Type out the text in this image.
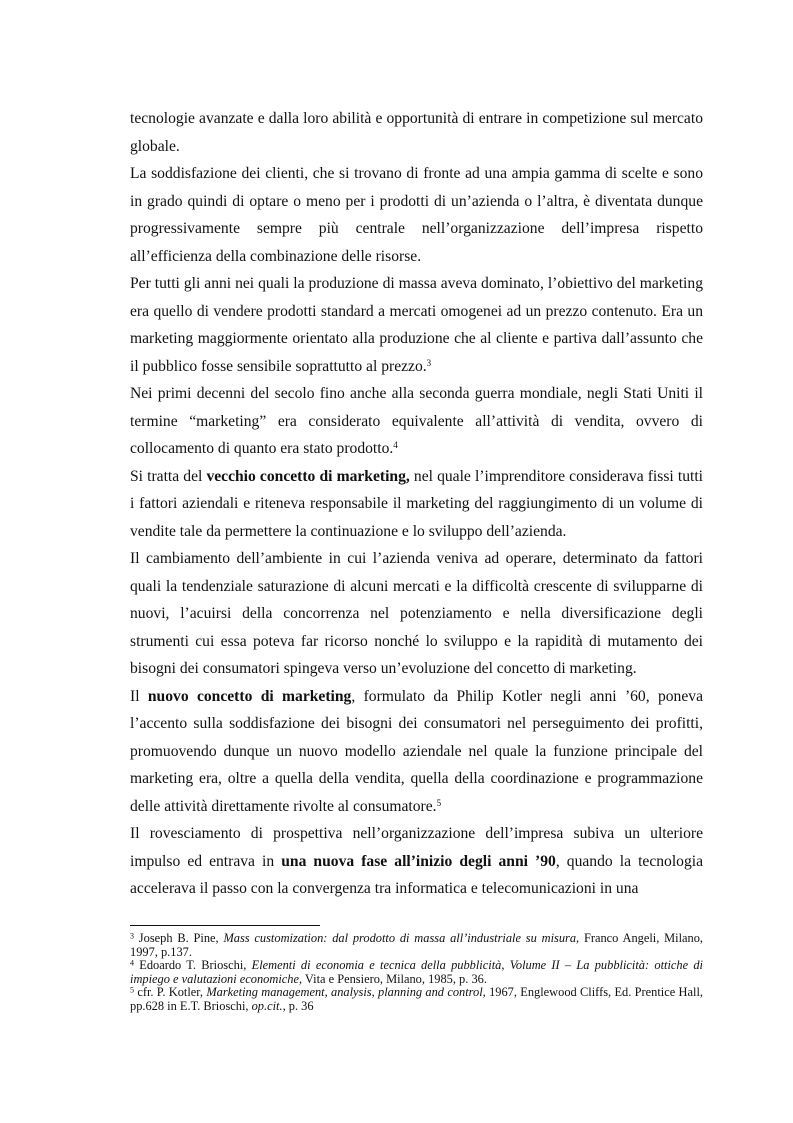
tecnologie avanzate e dalla loro abilità e opportunità di entrare in competizione sul mercato globale.

La soddisfazione dei clienti, che si trovano di fronte ad una ampia gamma di scelte e sono in grado quindi di optare o meno per i prodotti di un’azienda o l’altra, è diventata dunque progressivamente sempre più centrale nell’organizzazione dell’impresa rispetto all’efficienza della combinazione delle risorse.

Per tutti gli anni nei quali la produzione di massa aveva dominato, l’obiettivo del marketing era quello di vendere prodotti standard a mercati omogenei ad un prezzo contenuto. Era un marketing maggiormente orientato alla produzione che al cliente e partiva dall’assunto che il pubblico fosse sensibile soprattutto al prezzo.$^3$

Nei primi decenni del secolo fino anche alla seconda guerra mondiale, negli Stati Uniti il termine “marketing” era considerato equivalente all’attività di vendita, ovvero di collocamento di quanto era stato prodotto.$^4$

Si tratta del vecchio concetto di marketing, nel quale l’imprenditore considerava fissi tutti i fattori aziendali e riteneva responsabile il marketing del raggiungimento di un volume di vendite tale da permettere la continuazione e lo sviluppo dell’azienda.

Il cambiamento dell’ambiente in cui l’azienda veniva ad operare, determinato da fattori quali la tendenziale saturazione di alcuni mercati e la difficoltà crescente di svilupparne di nuovi, l’acuirsi della concorrenza nel potenziamento e nella diversificazione degli strumenti cui essa poteva far ricorso nonché lo sviluppo e la rapidità di mutamento dei bisogni dei consumatori spingeva verso un’evoluzione del concetto di marketing.

Il nuovo concetto di marketing, formulato da Philip Kotler negli anni ’60, poneva l’accento sulla soddisfazione dei bisogni dei consumatori nel perseguimento dei profitti, promuovendo dunque un nuovo modello aziendale nel quale la funzione principale del marketing era, oltre a quella della vendita, quella della coordinazione e programmazione delle attività direttamente rivolte al consumatore.$^5$

Il rovesciamento di prospettiva nell’organizzazione dell’impresa subiva un ulteriore impulso ed entrava in una nuova fase all’inizio degli anni ’90, quando la tecnologia accelerava il passo con la convergenza tra informatica e telecomunicazioni in una

$^3$ Joseph B. Pine, Mass customization: dal prodotto di massa all’industriale su misura, Franco Angeli, Milano, 1997, p.137.

$^4$ Edoardo T. Brioschi, Elementi di economia e tecnica della pubblicità, Volume II – La pubblicità: ottiche di impiego e valutazioni economiche, Vita e Pensiero, Milano, 1985, p. 36.

$^5$ cfr. P. Kotler, Marketing management, analysis, planning and control, 1967, Englewood Cliffs, Ed. Prentice Hall, pp.628 in E.T. Brioschi, op.cit., p. 36
